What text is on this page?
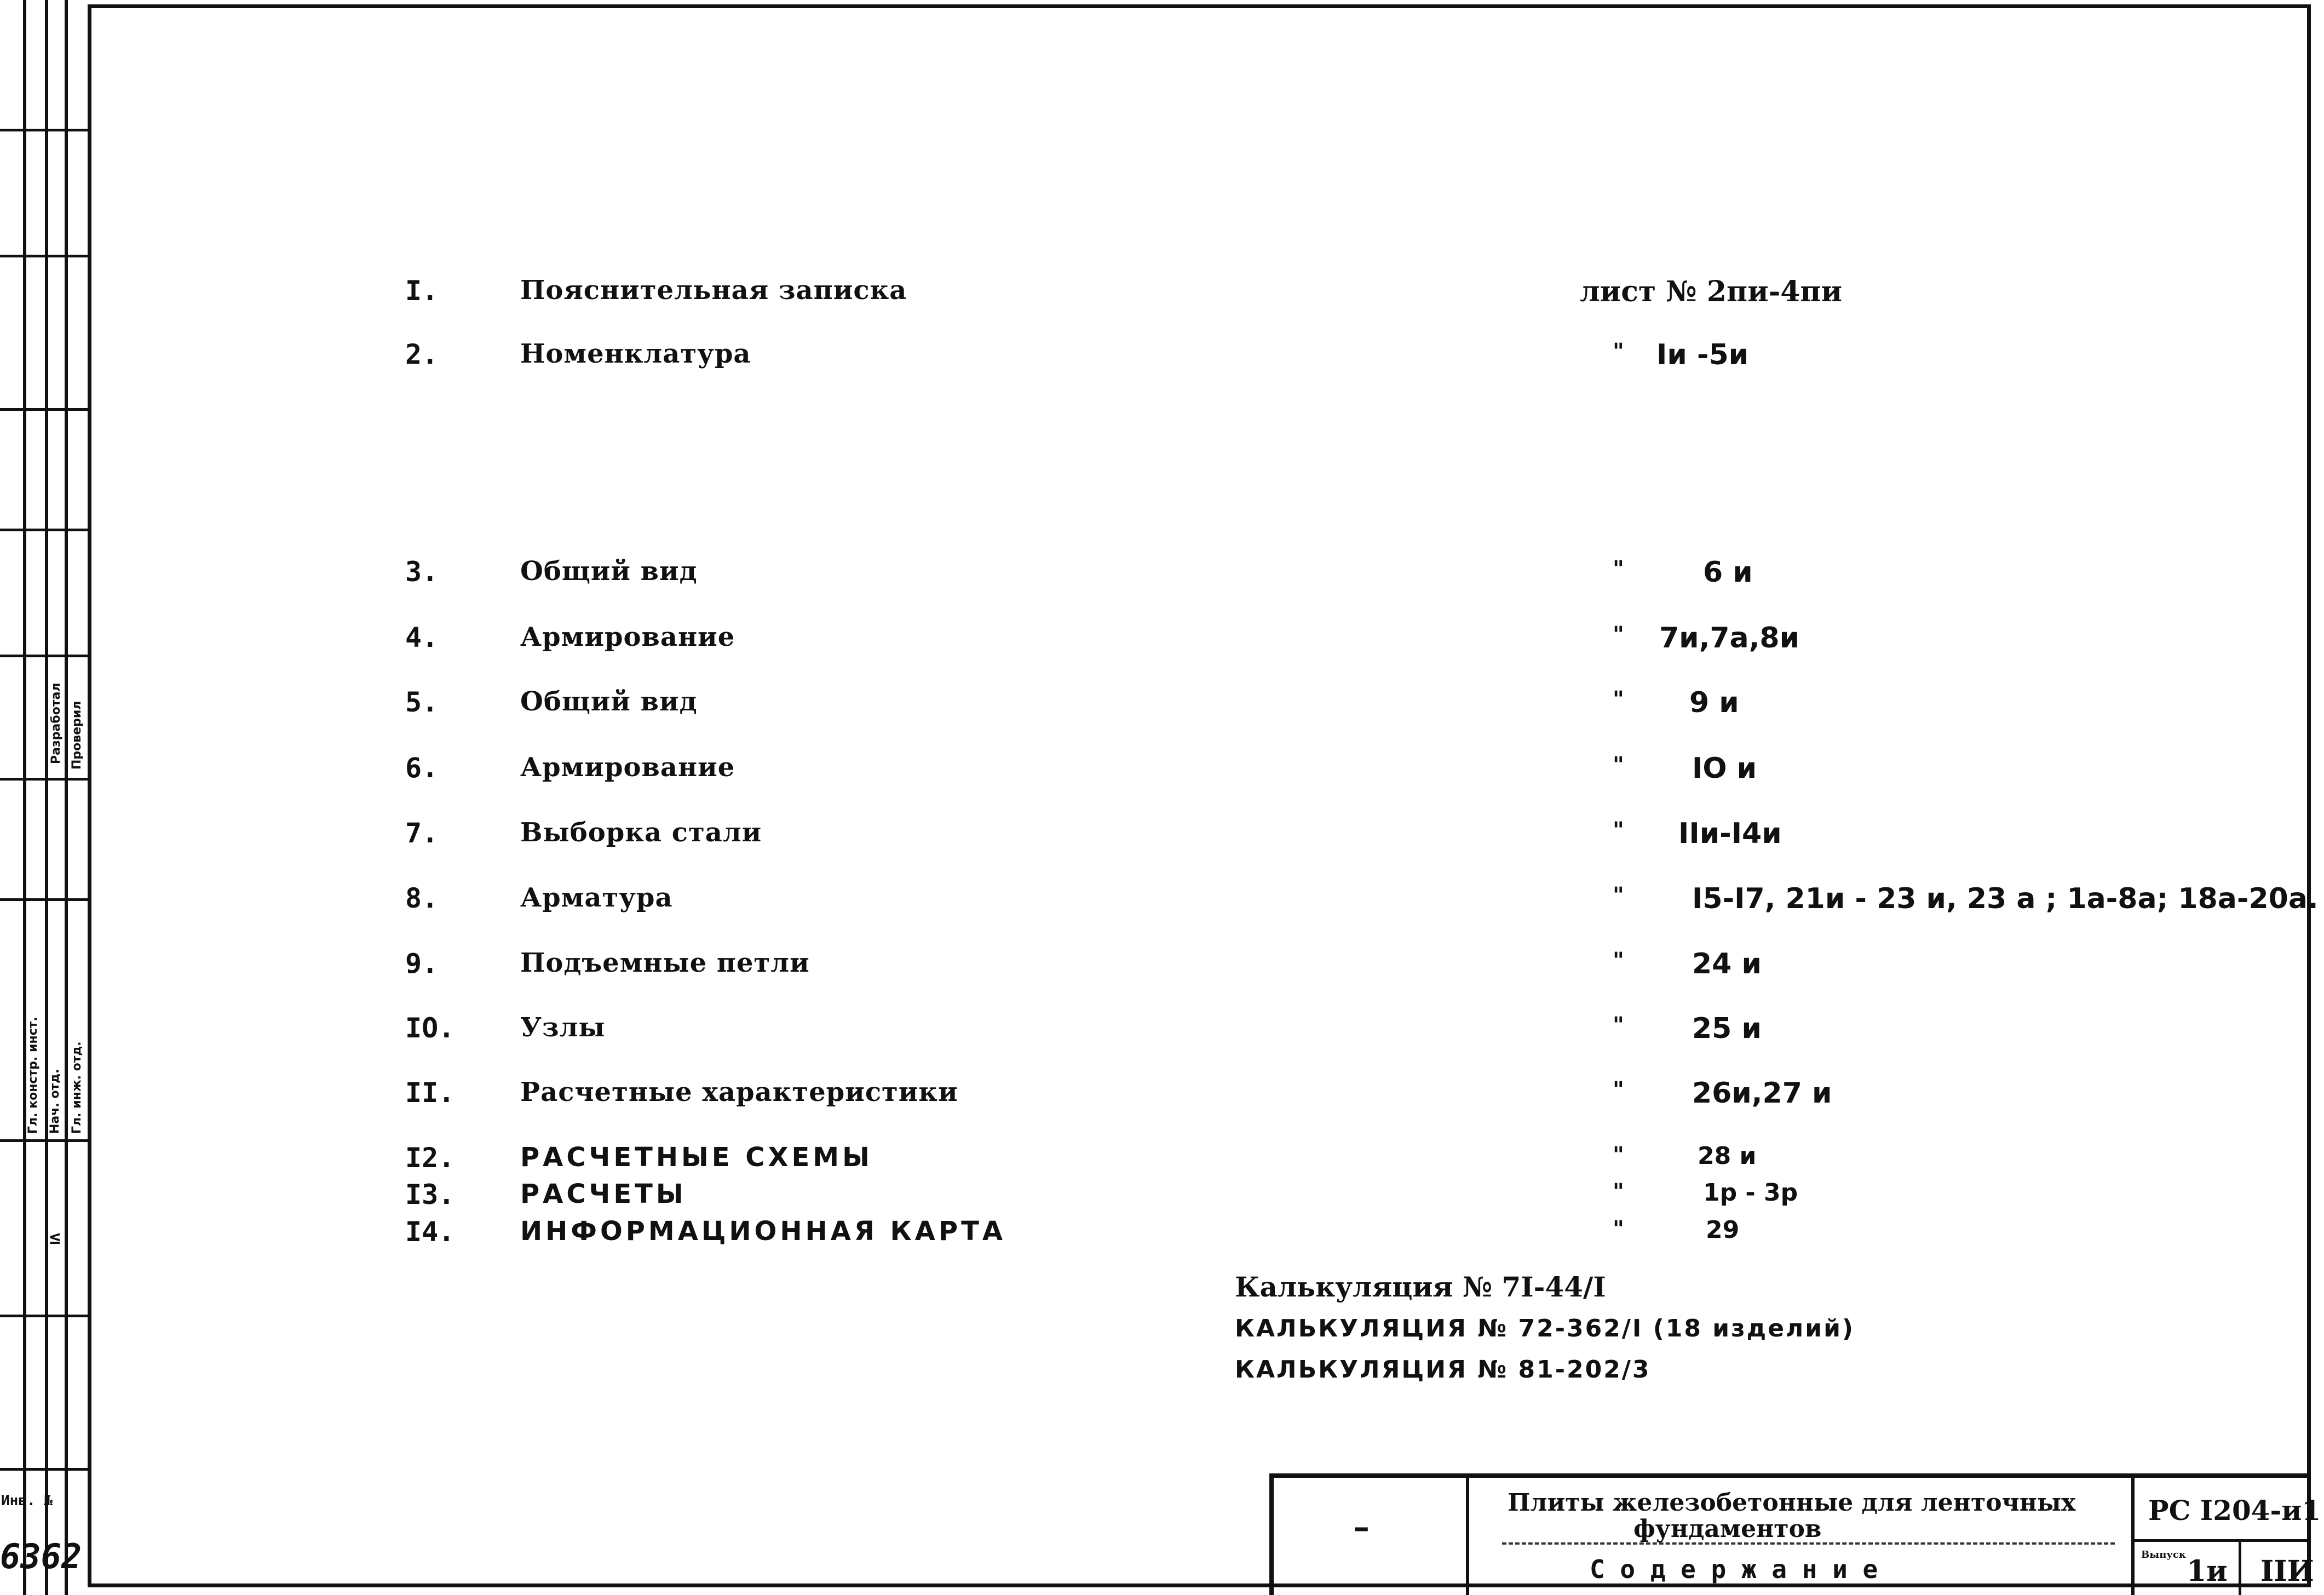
Разработал Проверил
Гл. констр. инст. Нач. отд. Гл. инж. отд.
≤
Инв. №
6362
I.	Пояснительная записка	лист № 2пи-4пи
2.	Номенклатура	" Iи -5и
3.	Общий вид	"	6 и
4.	Армирование	" 7и,7а,8и
5.	Общий вид	" 9 и
6.	Армирование	" IO и
7.	Выборка стали	" IIи-I4и
8.	Арматура	" I5-I7, 21и - 23 и, 23 а ; 1а-8а; 18а-20а.
9.	Подъемные петли	" 24 и
IO. Узлы	" 25 и
II. Расчетные характеристики	" 26и,27 и
I2. РАСЧЕТНЫЕ СХЕМЫ	"	28 и
I3. РАСЧЕТЫ	"	1р - 3р
I4. ИНФОРМАЦИОННАЯ КАРТА	"	29
Калькуляция № 7I-44/I
КАЛЬКУЛЯЦИЯ № 72-362/I (18 изделий)
КАЛЬКУЛЯЦИЯ № 81-202/3
–
Плиты железобетонные для ленточных
фундаментов
С о д е р ж а н и е
РС I204-и1
Выпуск 1и IIИ
